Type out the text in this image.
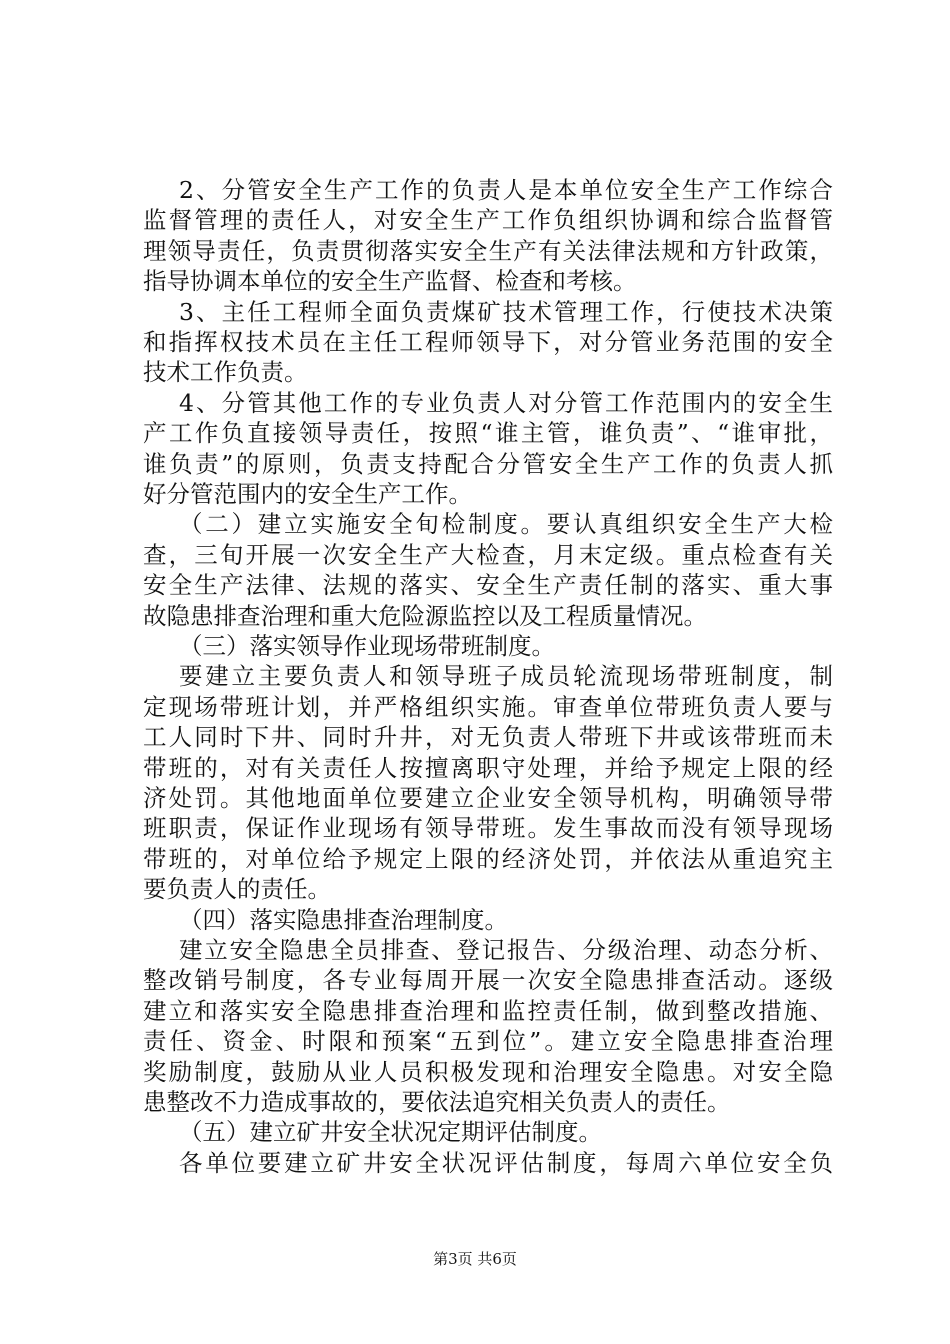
2、分管安全生产工作的负责人是本单位安全生产工作综合
监督管理的责任人，对安全生产工作负组织协调和综合监督管
理领导责任，负责贯彻落实安全生产有关法律法规和方针政策，
指导协调本单位的安全生产监督、检查和考核。
3、主任工程师全面负责煤矿技术管理工作，行使技术决策
和指挥权技术员在主任工程师领导下，对分管业务范围的安全
技术工作负责。
4、分管其他工作的专业负责人对分管工作范围内的安全生
产工作负直接领导责任，按照“谁主管，谁负责”、“谁审批，
谁负责”的原则，负责支持配合分管安全生产工作的负责人抓
好分管范围内的安全生产工作。
（二）建立实施安全旬检制度。要认真组织安全生产大检
查，三旬开展一次安全生产大检查，月末定级。重点检查有关
安全生产法律、法规的落实、安全生产责任制的落实、重大事
故隐患排查治理和重大危险源监控以及工程质量情况。
（三）落实领导作业现场带班制度。
要建立主要负责人和领导班子成员轮流现场带班制度，制
定现场带班计划，并严格组织实施。审查单位带班负责人要与
工人同时下井、同时升井，对无负责人带班下井或该带班而未
带班的，对有关责任人按擅离职守处理，并给予规定上限的经
济处罚。其他地面单位要建立企业安全领导机构，明确领导带
班职责，保证作业现场有领导带班。发生事故而没有领导现场
带班的，对单位给予规定上限的经济处罚，并依法从重追究主
要负责人的责任。
（四）落实隐患排查治理制度。
建立安全隐患全员排查、登记报告、分级治理、动态分析、
整改销号制度，各专业每周开展一次安全隐患排查活动。逐级
建立和落实安全隐患排查治理和监控责任制，做到整改措施、
责任、资金、时限和预案“五到位”。建立安全隐患排查治理
奖励制度，鼓励从业人员积极发现和治理安全隐患。对安全隐
患整改不力造成事故的，要依法追究相关负责人的责任。
（五）建立矿井安全状况定期评估制度。
各单位要建立矿井安全状况评估制度，每周六单位安全负
第3页 共6页
